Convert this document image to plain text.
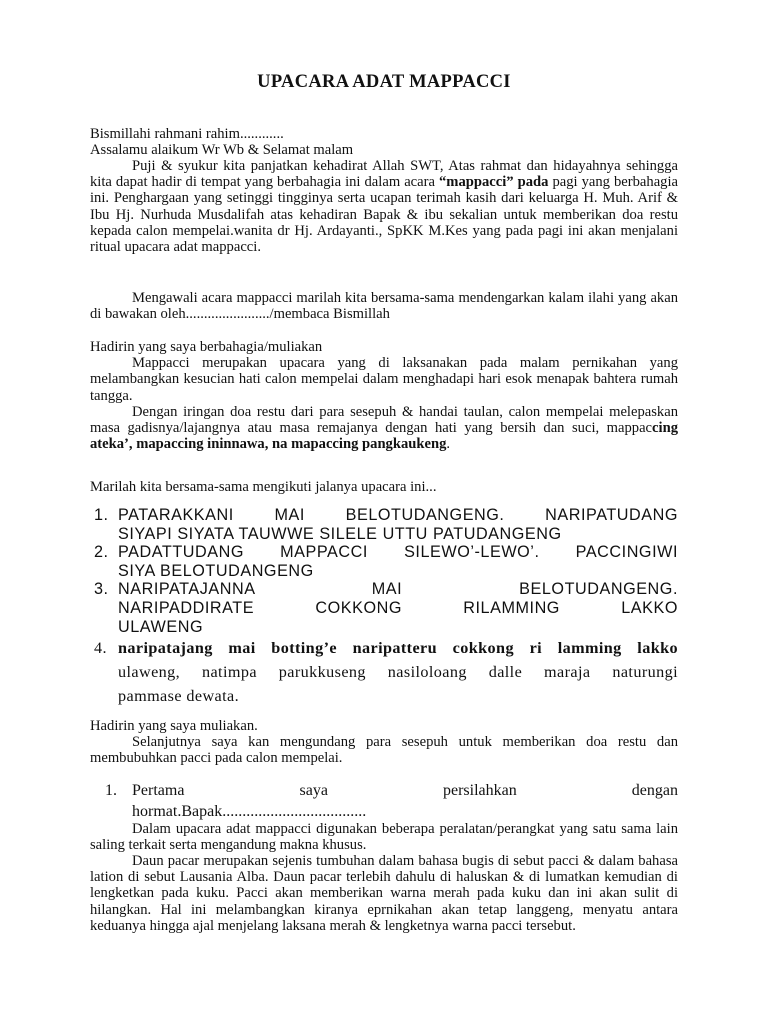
UPACARA ADAT MAPPACCI

Bismillahi rahmani rahim............

Assalamu alaikum Wr Wb & Selamat malam

Puji & syukur kita panjatkan kehadirat Allah SWT, Atas rahmat dan hidayahnya sehingga kita dapat hadir di tempat yang berbahagia ini dalam acara “mappacci” pada pagi yang berbahagia ini. Penghargaan yang setinggi tingginya serta ucapan terimah kasih dari keluarga H. Muh. Arif & Ibu Hj. Nurhuda Musdalifah atas kehadiran Bapak & ibu sekalian untuk memberikan doa restu kepada calon mempelai.wanita dr Hj. Ardayanti., SpKK M.Kes yang pada pagi ini akan menjalani ritual upacara adat mappacci.

Mengawali acara mappacci marilah kita bersama-sama mendengarkan kalam ilahi yang akan di bawakan oleh......................./membaca Bismillah

Hadirin yang saya berbahagia/muliakan

Mappacci merupakan upacara yang di laksanakan pada malam pernikahan yang melambangkan kesucian hati calon mempelai dalam menghadapi hari esok menapak bahtera rumah tangga.

Dengan iringan doa restu dari para sesepuh & handai taulan, calon mempelai melepaskan masa gadisnya/lajangnya atau masa remajanya dengan hati yang bersih dan suci, mappaccing ateka’, mapaccing ininnawa, na mapaccing pangkaukeng.

Marilah kita bersama-sama mengikuti jalanya upacara ini...

1. PATARAKKANI MAI BELOTUDANGENG. NARIPATUDANG
SIYAPI SIYATA TAUWWE SILELE UTTU PATUDANGENG
2. PADATTUDANG MAPPACCI SILEWO’-LEWO’. PACCINGIWI
SIYA BELOTUDANGENG
3. NARIPATAJANNA MAI BELOTUDANGENG.
NARIPADDIRATE COKKONG RILAMMING LAKKO
ULAWENG
4. naripatajang mai botting’e naripatteru cokkong ri lamming lakko
ulaweng, natimpa parukkuseng nasiloloang dalle maraja naturungi
pammase dewata.

Hadirin yang saya muliakan.

Selanjutnya saya kan mengundang para sesepuh untuk memberikan doa restu dan membubuhkan pacci pada calon mempelai.

1. Pertama saya persilahkan dengan
hormat.Bapak....................................

Dalam upacara adat mappacci digunakan beberapa peralatan/perangkat yang satu sama lain saling terkait serta mengandung makna khusus.

Daun pacar merupakan sejenis tumbuhan dalam bahasa bugis di sebut pacci & dalam bahasa lation di sebut Lausania Alba. Daun pacar terlebih dahulu di haluskan & di lumatkan kemudian di lengketkan pada kuku. Pacci akan memberikan warna merah pada kuku dan ini akan sulit di hilangkan. Hal ini melambangkan kiranya eprnikahan akan tetap langgeng, menyatu antara keduanya hingga ajal menjelang laksana merah & lengketnya warna pacci tersebut.
